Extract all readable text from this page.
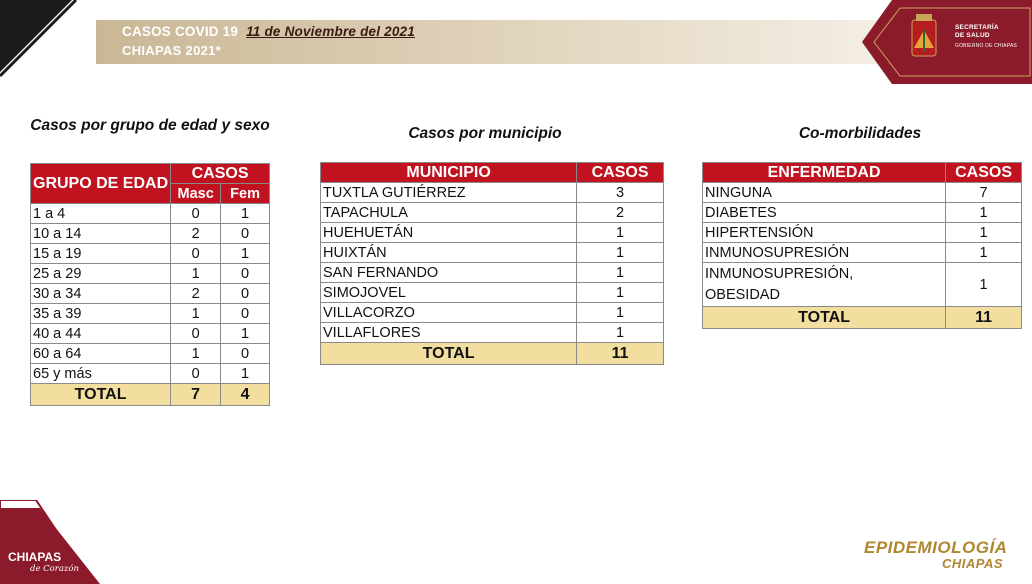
CASOS COVID 19 11 de Noviembre del 2021
CHIAPAS 2021*
SECRETARÍA
DE SALUD
GOBIERNO DE CHIAPAS
Casos por grupo de edad y sexo
GRUPO DE EDAD	CASOS	
	Masc	Fem
1 a 4	0	1
10 a 14	2	0
15 a 19	0	1
25 a 29	1	0
30 a 34	2	0
35 a 39	1	0
40 a 44	0	1
60 a 64	1	0
65 y más	0	1
TOTAL	7	4
Casos por municipio
MUNICIPIO	CASOS
TUXTLA GUTIÉRREZ	3
TAPACHULA	2
HUEHUETÁN	1
HUIXTÁN	1
SAN FERNANDO	1
SIMOJOVEL	1
VILLACORZO	1
VILLAFLORES	1
TOTAL	11
Co-morbilidades
ENFERMEDAD	CASOS
NINGUNA	7
DIABETES	1
HIPERTENSIÓN	1
INMUNOSUPRESIÓN	1
INMUNOSUPRESIÓN,
OBESIDAD	1
TOTAL	11
CHIAPAS
de Corazón
EPIDEMIOLOGÍA
CHIAPAS
